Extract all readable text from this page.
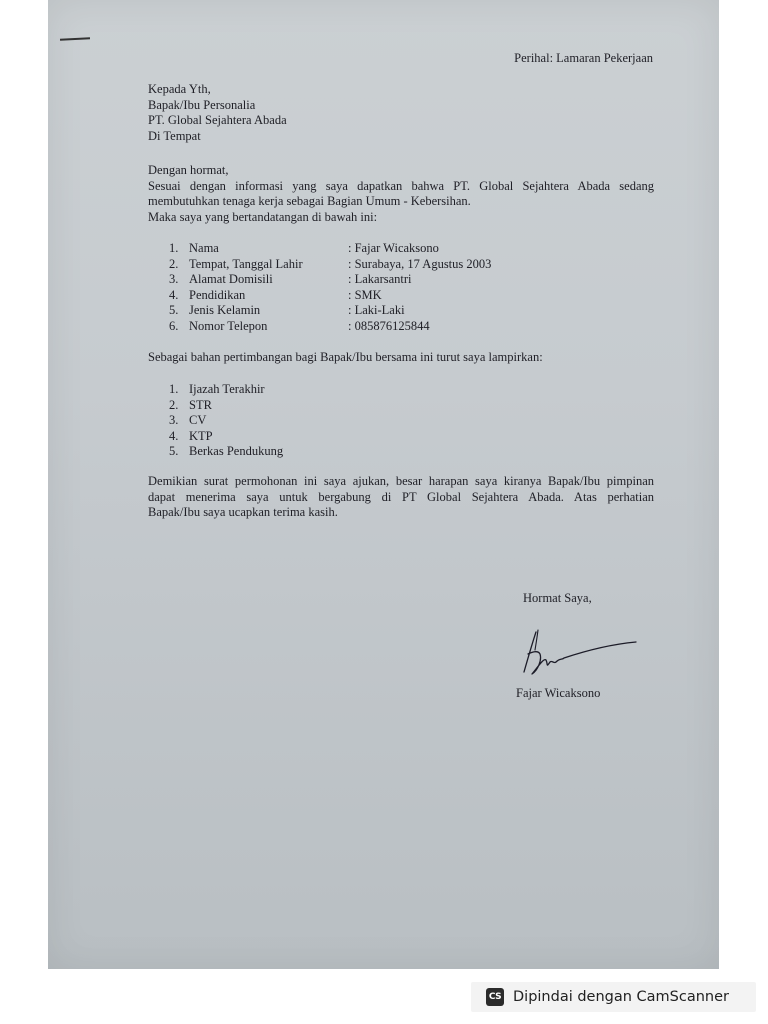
Perihal: Lamaran Pekerjaan

Kepada Yth,

Bapak/Ibu Personalia

PT. Global Sejahtera Abada

Di Tempat

Dengan hormat,

Sesuai dengan informasi yang saya dapatkan bahwa PT. Global Sejahtera Abada sedang

membutuhkan tenaga kerja sebagai Bagian Umum - Kebersihan.

Maka saya yang bertandatangan di bawah ini:

1. Nama	: Fajar Wicaksono
2. Tempat, Tanggal Lahir	: Surabaya, 17 Agustus 2003
3. Alamat Domisili	: Lakarsantri
4. Pendidikan	: SMK
5. Jenis Kelamin	: Laki-Laki
6. Nomor Telepon	: 085876125844
Sebagai bahan pertimbangan bagi Bapak/Ibu bersama ini turut saya lampirkan:
1. Ijazah Terakhir
2. STR
3. CV
4. KTP
5. Berkas Pendukung

Demikian surat permohonan ini saya ajukan, besar harapan saya kiranya Bapak/Ibu pimpinan

dapat menerima saya untuk bergabung di PT Global Sejahtera Abada. Atas perhatian

Bapak/Ibu saya ucapkan terima kasih.

Hormat Saya,
Fajar Wicaksono
CS Dipindai dengan CamScanner
